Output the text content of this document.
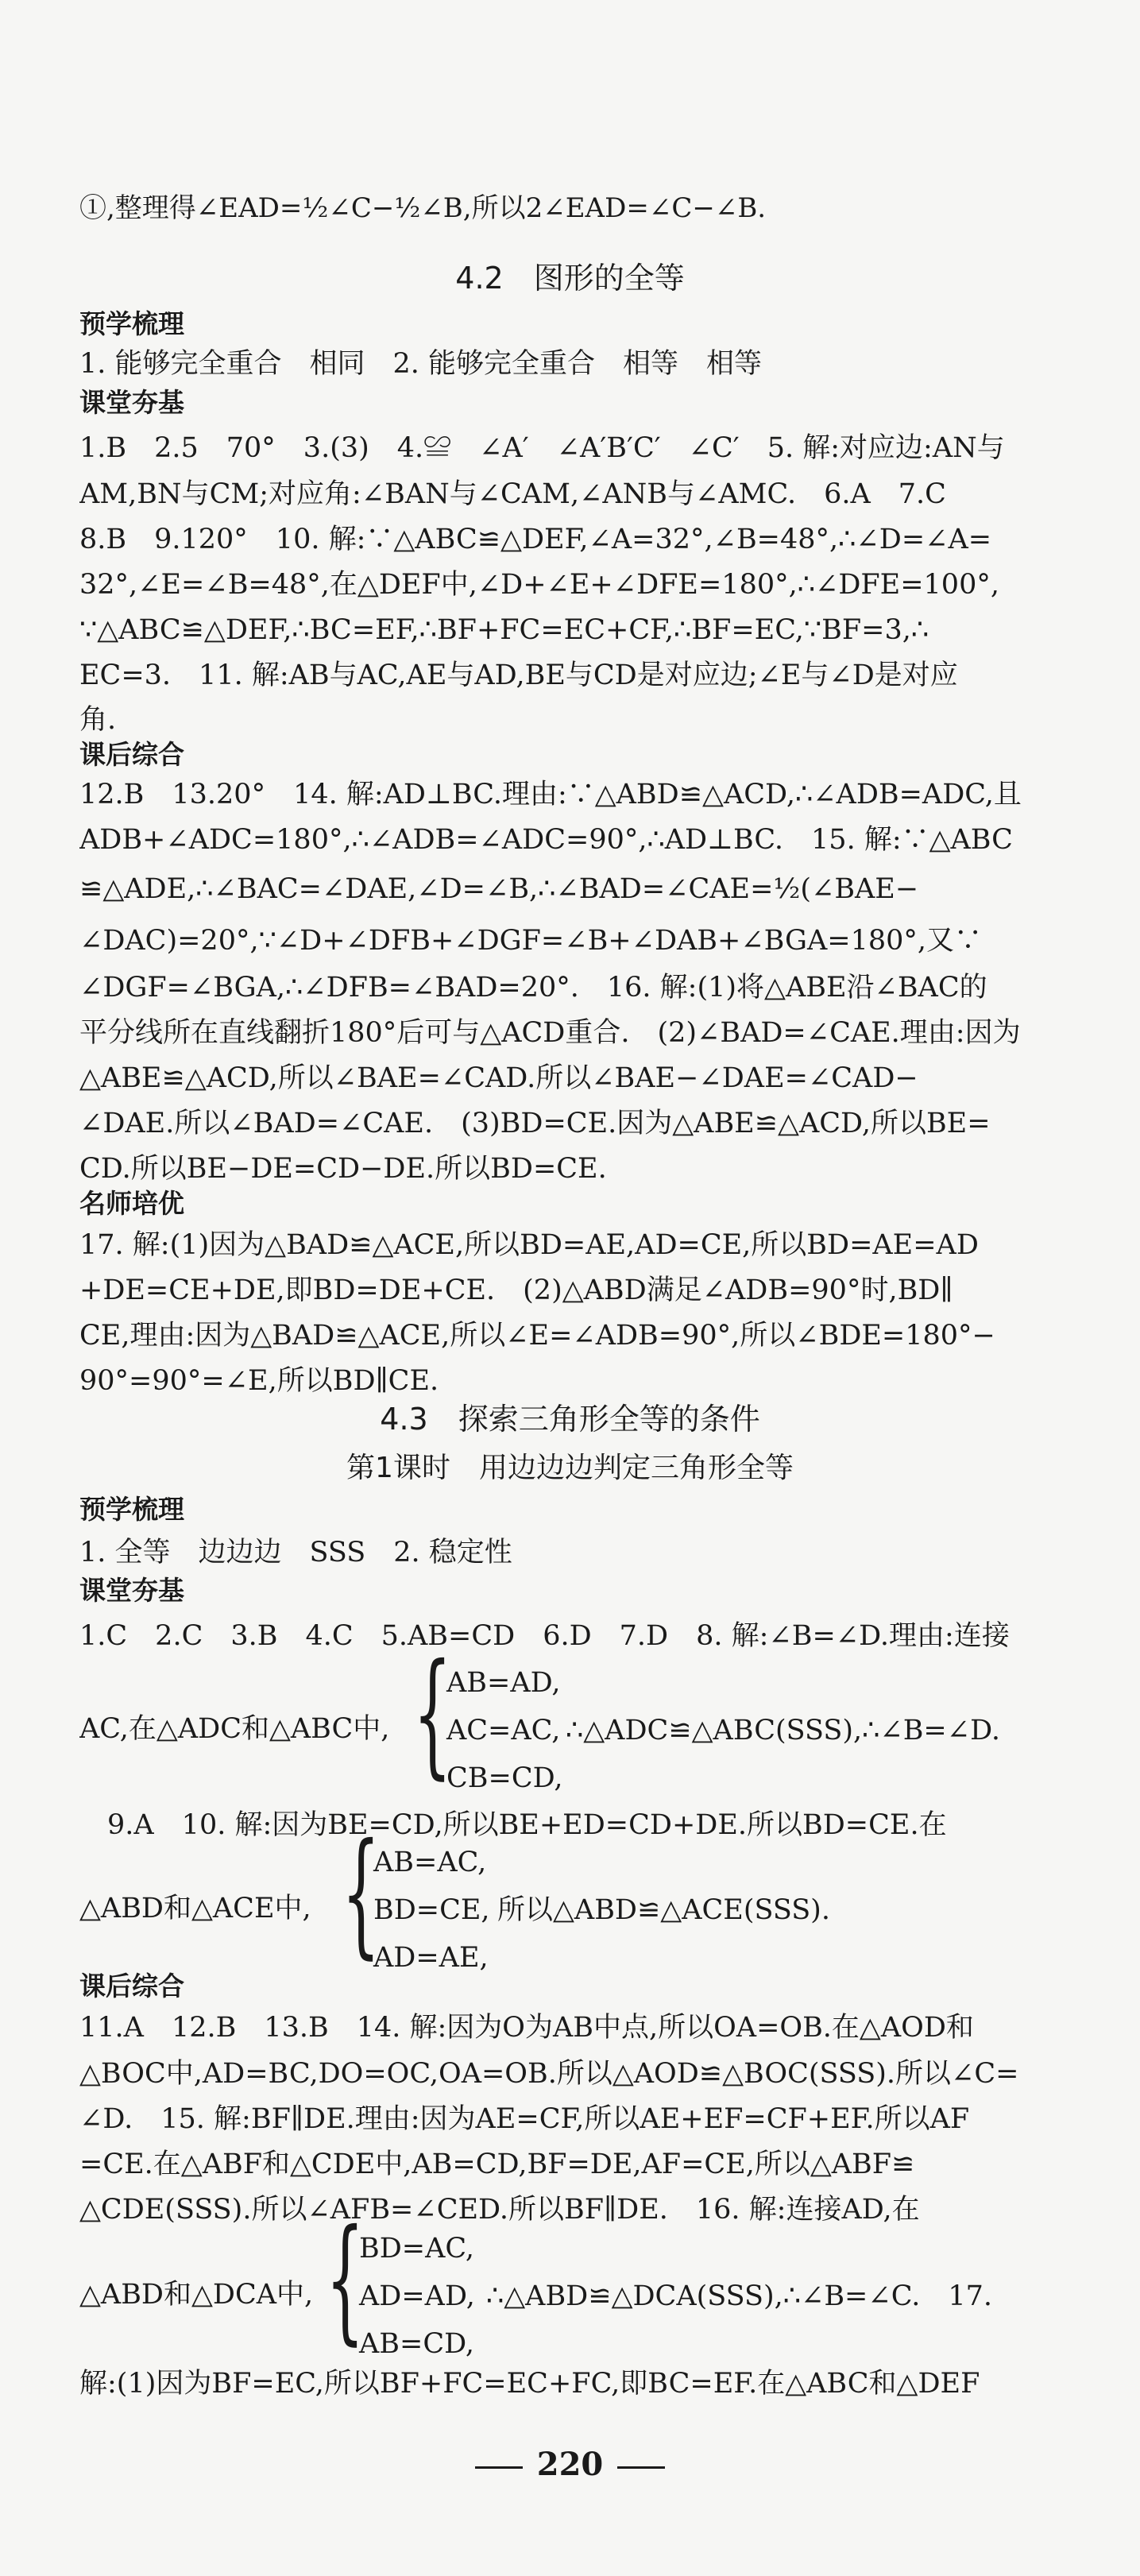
①,整理得∠EAD=½∠C−½∠B,所以2∠EAD=∠C−∠B.
4.2　图形的全等
预学梳理
1. 能够完全重合　相同　2. 能够完全重合　相等　相等
课堂夯基
1.B　2.5　70°　3.(3)　4.≌　∠A′　∠A′B′C′　∠C′　5. 解:对应边:AN与
AM,BN与CM;对应角:∠BAN与∠CAM,∠ANB与∠AMC.　6.A　7.C
8.B　9.120°　10. 解:∵△ABC≌△DEF,∠A=32°,∠B=48°,∴∠D=∠A=
32°,∠E=∠B=48°,在△DEF中,∠D+∠E+∠DFE=180°,∴∠DFE=100°,
∵△ABC≌△DEF,∴BC=EF,∴BF+FC=EC+CF,∴BF=EC,∵BF=3,∴
EC=3.　11. 解:AB与AC,AE与AD,BE与CD是对应边;∠E与∠D是对应
角.
课后综合
12.B　13.20°　14. 解:AD⊥BC.理由:∵△ABD≌△ACD,∴∠ADB=ADC,且
ADB+∠ADC=180°,∴∠ADB=∠ADC=90°,∴AD⊥BC.　15. 解:∵△ABC
≌△ADE,∴∠BAC=∠DAE,∠D=∠B,∴∠BAD=∠CAE=½(∠BAE−
∠DAC)=20°,∵∠D+∠DFB+∠DGF=∠B+∠DAB+∠BGA=180°,又∵
∠DGF=∠BGA,∴∠DFB=∠BAD=20°.　16. 解:(1)将△ABE沿∠BAC的
平分线所在直线翻折180°后可与△ACD重合.　(2)∠BAD=∠CAE.理由:因为
△ABE≌△ACD,所以∠BAE=∠CAD.所以∠BAE−∠DAE=∠CAD−
∠DAE.所以∠BAD=∠CAE.　(3)BD=CE.因为△ABE≌△ACD,所以BE=
CD.所以BE−DE=CD−DE.所以BD=CE.
名师培优
17. 解:(1)因为△BAD≌△ACE,所以BD=AE,AD=CE,所以BD=AE=AD
+DE=CE+DE,即BD=DE+CE.　(2)△ABD满足∠ADB=90°时,BD∥
CE,理由:因为△BAD≌△ACE,所以∠E=∠ADB=90°,所以∠BDE=180°−
90°=90°=∠E,所以BD∥CE.
4.3　探索三角形全等的条件
第1课时　用边边边判定三角形全等
预学梳理
1. 全等　边边边　SSS　2. 稳定性
课堂夯基
1.C　2.C　3.B　4.C　5.AB=CD　6.D　7.D　8. 解:∠B=∠D.理由:连接
AC,在△ADC和△ABC中, {
AB=AD,
AC=AC,
CB=CD,
∴△ADC≌△ABC(SSS),∴∠B=∠D.
9.A　10. 解:因为BE=CD,所以BE+ED=CD+DE.所以BD=CE.在
△ABD和△ACE中, {
AB=AC,
BD=CE,
AD=AE,
所以△ABD≌△ACE(SSS).
课后综合
11.A　12.B　13.B　14. 解:因为O为AB中点,所以OA=OB.在△AOD和
△BOC中,AD=BC,DO=OC,OA=OB.所以△AOD≌△BOC(SSS).所以∠C=
∠D.　15. 解:BF∥DE.理由:因为AE=CF,所以AE+EF=CF+EF.所以AF
=CE.在△ABF和△CDE中,AB=CD,BF=DE,AF=CE,所以△ABF≌
△CDE(SSS).所以∠AFB=∠CED.所以BF∥DE.　16. 解:连接AD,在
△ABD和△DCA中, {
BD=AC,
AD=AD,
AB=CD,
∴△ABD≌△DCA(SSS),∴∠B=∠C.　17.
解:(1)因为BF=EC,所以BF+FC=EC+FC,即BC=EF.在△ABC和△DEF
220
